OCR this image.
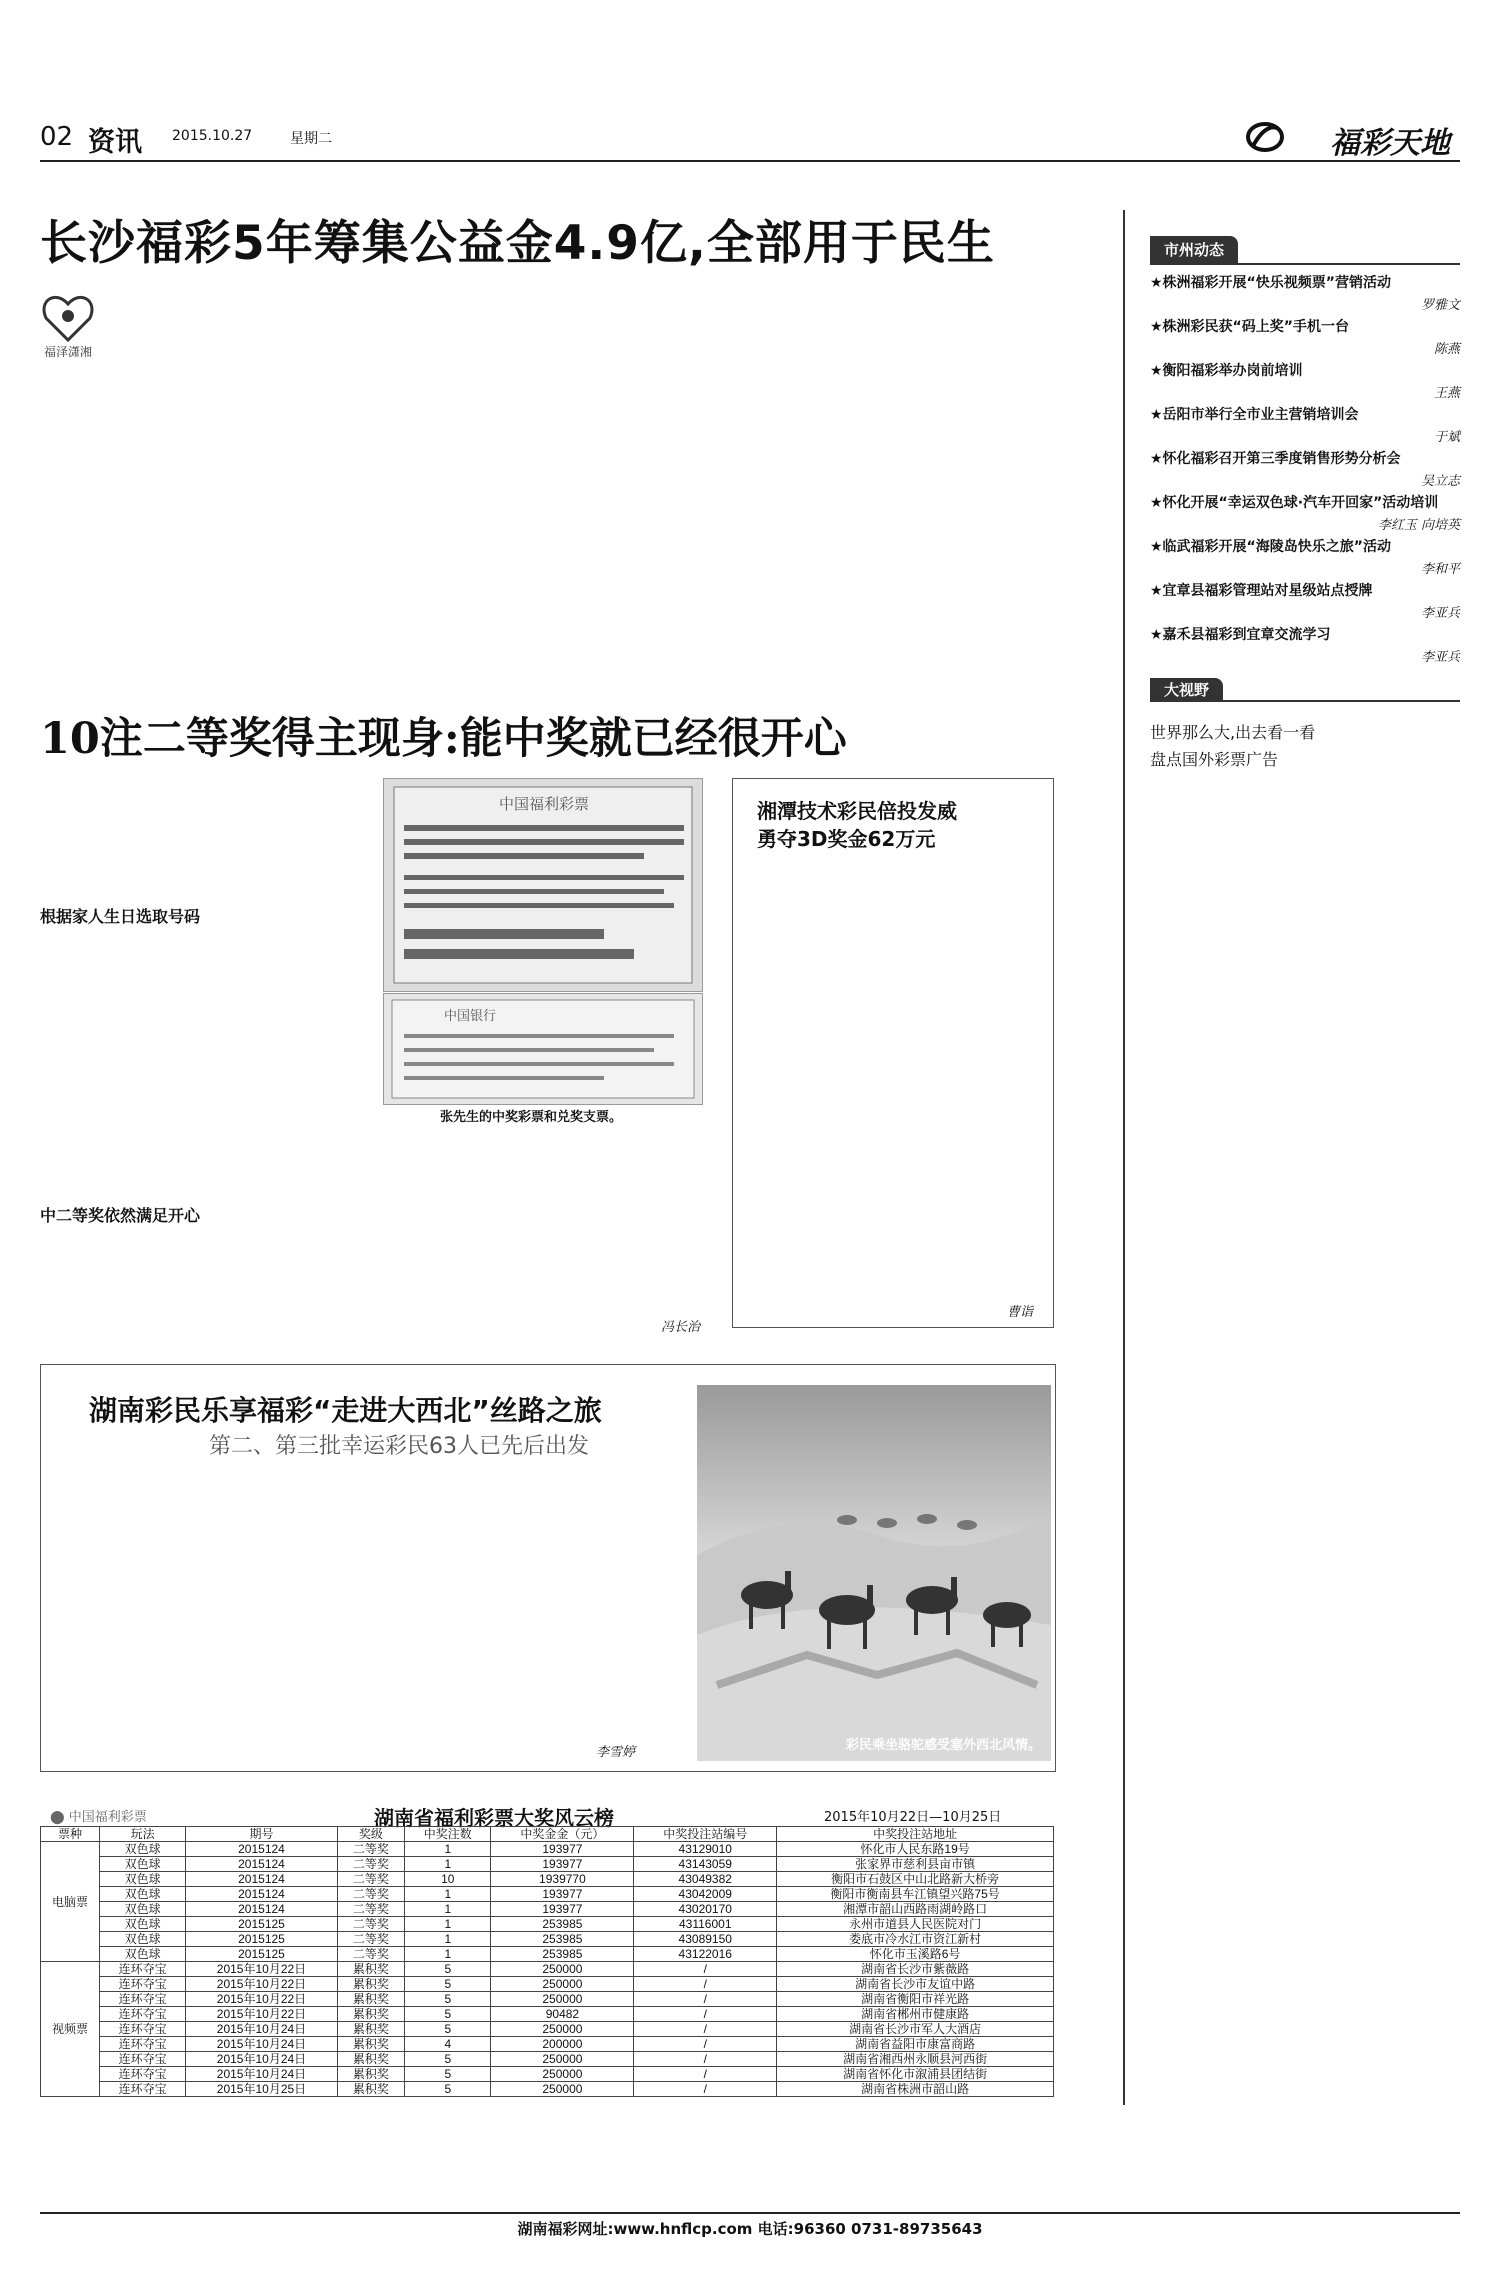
02 资讯 2015.10.27	星期二	福彩天地
长沙福彩5年筹集公益金4.9亿,全部用于民生
福泽潇湘
10注二等奖得主现身:能中奖就已经很开心
根据家人生日选取号码
中二等奖依然满足开心
中国福利彩票
中国银行
张先生的中奖彩票和兑奖支票。
冯长治
湘潭技术彩民倍投发威
勇夺3D奖金62万元
曹诣
湖南彩民乐享福彩“走进大西北”丝路之旅
第二、第三批幸运彩民63人已先后出发
李雪婷	彩民乘坐骆驼感受塞外西北风情。
⬤ 中国福利彩票	湖南省福利彩票大奖风云榜	2015年10月22日—10月25日
票种	玩法	期号	奖级	中奖注数	中奖金金（元）	中奖投注站编号	中奖投注站地址
电脑票	双色球	2015124	二等奖	1	193977	43129010	怀化市人民东路19号
	双色球	2015124	二等奖	1	193977	43143059	张家界市慈利县亩市镇
	双色球	2015124	二等奖	10	1939770	43049382	衡阳市石鼓区中山北路新大桥旁
	双色球	2015124	二等奖	1	193977	43042009	衡阳市衡南县车江镇望兴路75号
	双色球	2015124	二等奖	1	193977	43020170	湘潭市韶山西路雨湖岭路口
	双色球	2015125	二等奖	1	253985	43116001	永州市道县人民医院对门
	双色球	2015125	二等奖	1	253985	43089150	娄底市冷水江市资江新村
	双色球	2015125	二等奖	1	253985	43122016	怀化市玉溪路6号
视频票	连环夺宝	2015年10月22日	累积奖	5	250000	/	湖南省长沙市紫薇路
	连环夺宝	2015年10月22日	累积奖	5	250000	/	湖南省长沙市友谊中路
	连环夺宝	2015年10月22日	累积奖	5	250000	/	湖南省衡阳市祥光路
	连环夺宝	2015年10月22日	累积奖	5	90482	/	湖南省郴州市健康路
	连环夺宝	2015年10月24日	累积奖	5	250000	/	湖南省长沙市军人大酒店
	连环夺宝	2015年10月24日	累积奖	4	200000	/	湖南省益阳市康富商路
	连环夺宝	2015年10月24日	累积奖	5	250000	/	湖南省湘西州永顺县河西街
	连环夺宝	2015年10月24日	累积奖	5	250000	/	湖南省怀化市溆浦县团结街
	连环夺宝	2015年10月25日	累积奖	5	250000	/	湖南省株洲市韶山路
市州动态
★株洲福彩开展“快乐视频票”营销活动
罗雅文
★株洲彩民获“码上奖”手机一台
陈燕
★衡阳福彩举办岗前培训
王燕
★岳阳市举行全市业主营销培训会
于斌
★怀化福彩召开第三季度销售形势分析会
吴立志
★怀化开展“幸运双色球·汽车开回家”活动培训
李红玉 向培英
★临武福彩开展“海陵岛快乐之旅”活动
李和平
★宜章县福彩管理站对星级站点授牌
李亚兵
★嘉禾县福彩到宜章交流学习
李亚兵
大视野
世界那么大,出去看一看
盘点国外彩票广告
湖南福彩网址:www.hnflcp.com 电话:96360 0731-89735643
